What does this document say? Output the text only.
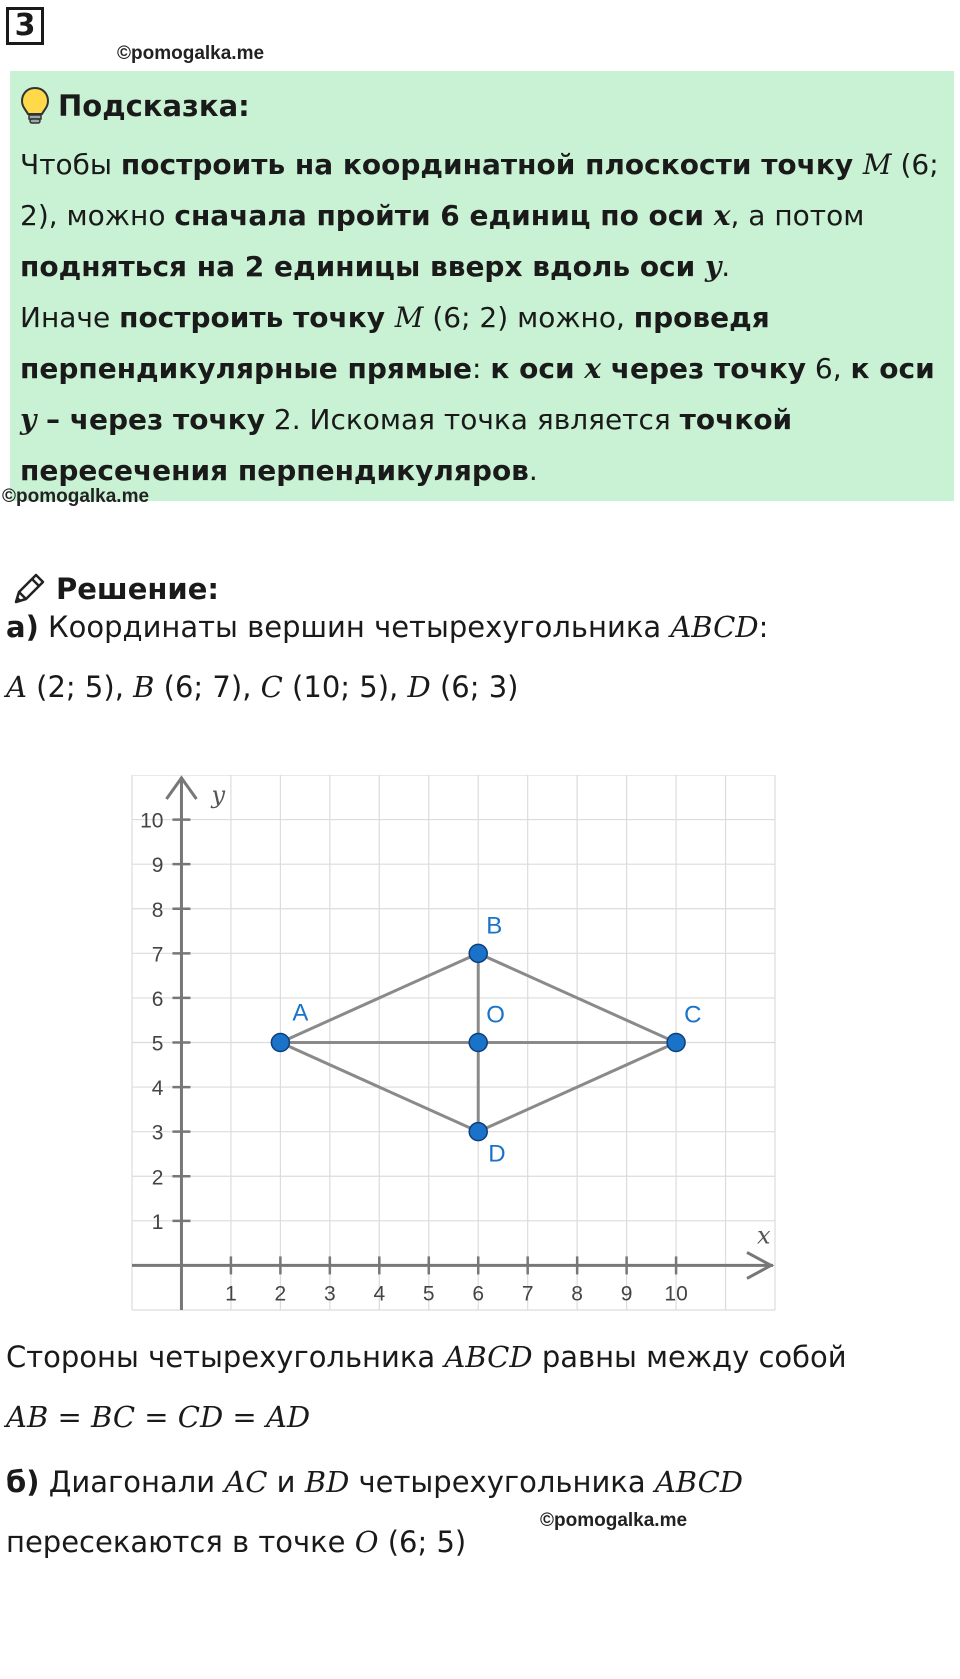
3
©pomogalka.me
Подсказка:
Чтобы построить на координатной плоскости точку M (6; 2), можно сначала пройти 6 единиц по оси x, а потом подняться на 2 единицы вверх вдоль оси y.
Иначе построить точку M (6; 2) можно, проведя перпендикулярные прямые: к оси x через точку 6, к оси y – через точку 2. Искомая точка является точкой пересечения перпендикуляров.
©pomogalka.me
Решение:
а) Координаты вершин четырехугольника ABCD:
A (2; 5), B (6; 7), C (10; 5), D (6; 3)
x
y
1 2 3 4 5 6 7 8 9 10
1
2
3
4
5
6
7
8
9
10
A
B
C
D
O
Стороны четырехугольника ABCD равны между собой
AB = BC = CD = AD
б) Диагонали AC и BD четырехугольника ABCD
©pomogalka.me
пересекаются в точке O (6; 5)
